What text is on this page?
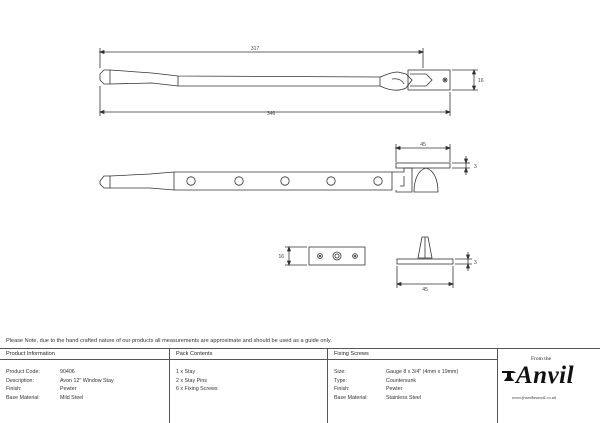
317
16
346
45
3
16
3
45
Please Note, due to the hand crafted nature of our products all measurements are approximate and should be used as a guide only.
Product Information
Product Code:	90406
Description:	Avon 12" Window Stay
Finish:	Pewter
Base Material:	Mild Steel
Pack Contents
1 x Stay
2 x Stay Pins
6 x Fixing Screws
Fixing Screws
Size:	Gauge 8 x 3/4" (4mm x 19mm)
Type:	Countersunk
Finish:	Pewter
Base Material:	Stainless Steel
From the
Anvil
www.fromtheanvil.co.uk
